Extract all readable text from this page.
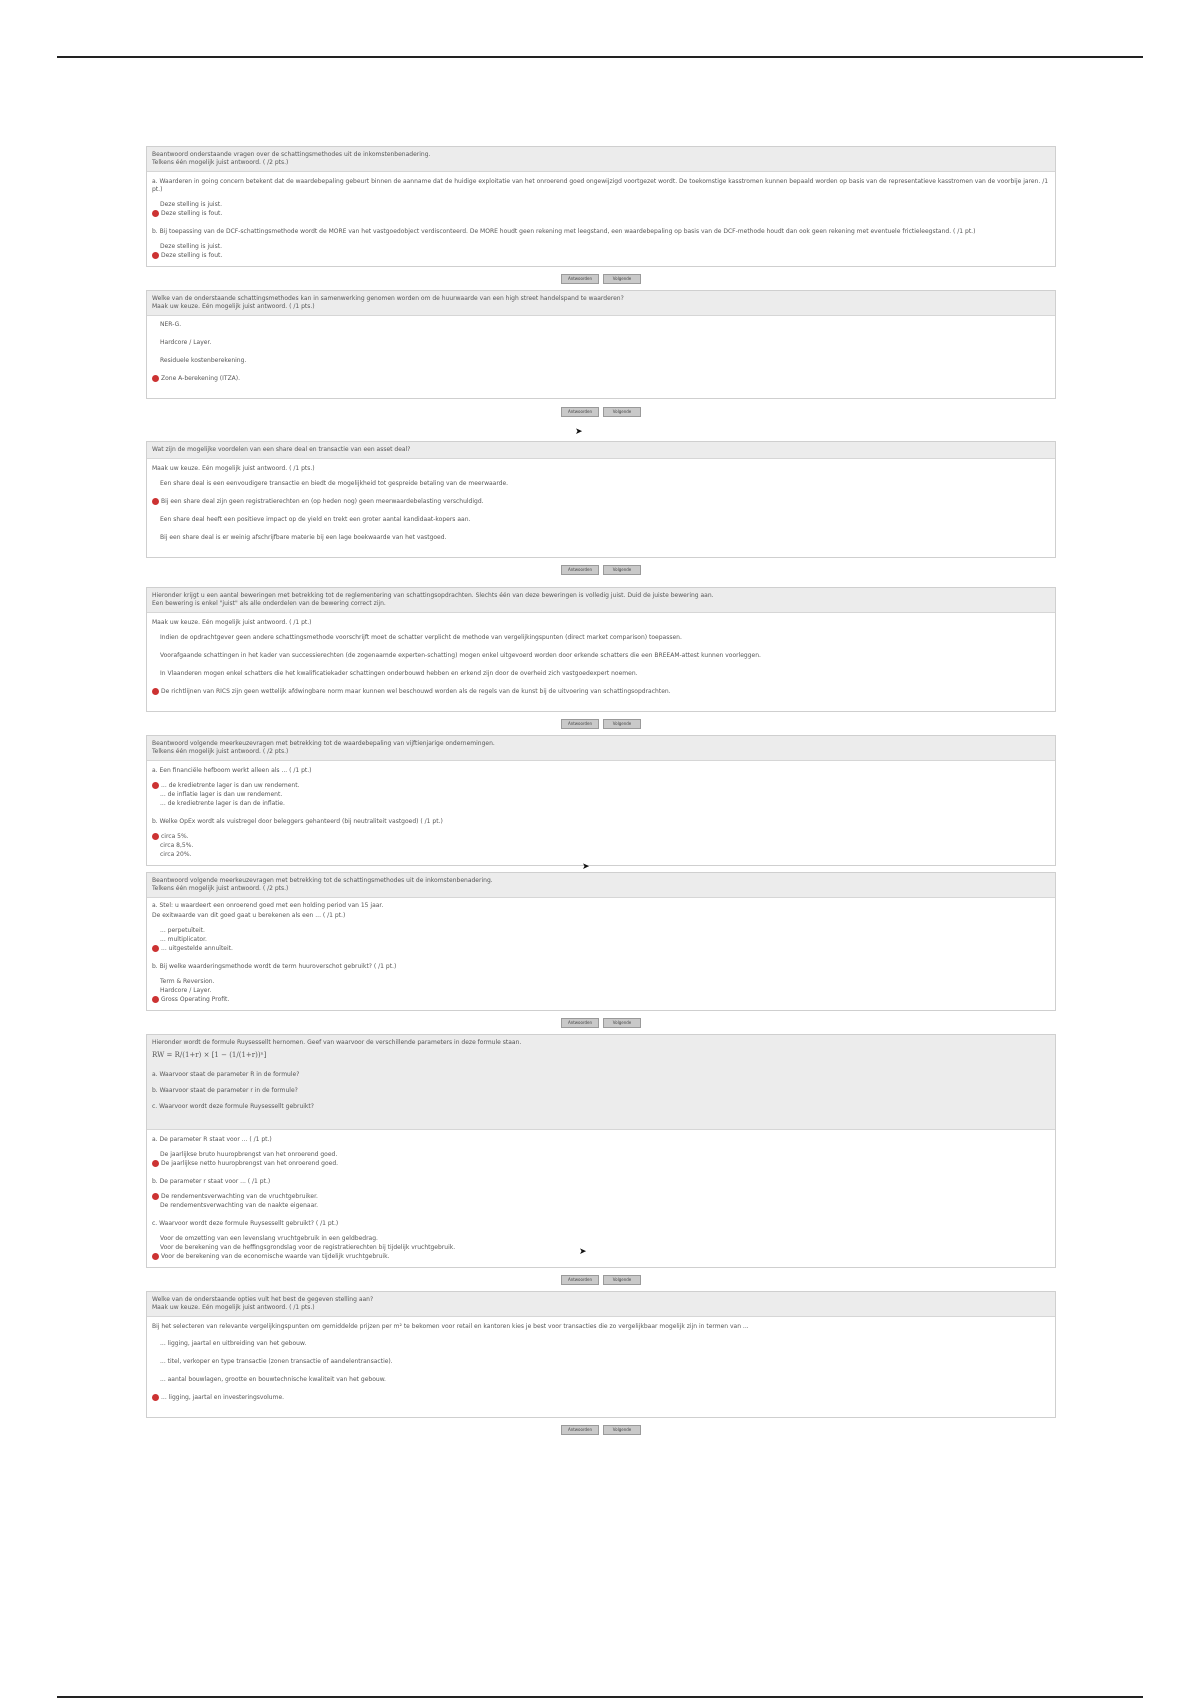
Beantwoord onderstaande vragen over de schattingsmethodes uit de inkomstenbenadering.
Telkens één mogelijk juist antwoord. ( /2 pts.)
a. Waarderen in going concern betekent dat de waardebepaling gebeurt binnen de aanname dat de huidige exploitatie van het onroerend goed ongewijzigd voortgezet wordt. De toekomstige kasstromen kunnen bepaald worden op basis van de representatieve kasstromen van de voorbije jaren. /1 pt.)
Deze stelling is juist.
Deze stelling is fout.
b. Bij toepassing van de DCF-schattingsmethode wordt de MORE van het vastgoedobject verdisconteerd. De MORE houdt geen rekening met leegstand, een waardebepaling op basis van de DCF-methode houdt dan ook geen rekening met eventuele frictieleegstand. ( /1 pt.)
Deze stelling is juist.
Deze stelling is fout.
Antwoorden	Volgende
Welke van de onderstaande schattingsmethodes kan in samenwerking genomen worden om de huurwaarde van een high street handelspand te waarderen?
Maak uw keuze. Eén mogelijk juist antwoord. ( /1 pts.)
NER-G.
Hardcore / Layer.
Residuele kostenberekening.
Zone A-berekening (ITZA).
Antwoorden	Volgende
Wat zijn de mogelijke voordelen van een share deal en transactie van een asset deal?
Maak uw keuze. Eén mogelijk juist antwoord. ( /1 pts.)
Een share deal is een eenvoudigere transactie en biedt de mogelijkheid tot gespreide betaling van de meerwaarde.
Bij een share deal zijn geen registratierechten en (op heden nog) geen meerwaardebelasting verschuldigd.
Een share deal heeft een positieve impact op de yield en trekt een groter aantal kandidaat-kopers aan.
Bij een share deal is er weinig afschrijfbare materie bij een lage boekwaarde van het vastgoed.
Antwoorden	Volgende
Hieronder krijgt u een aantal beweringen met betrekking tot de reglementering van schattingsopdrachten. Slechts één van deze beweringen is volledig juist. Duid de juiste bewering aan.
Een bewering is enkel "juist" als alle onderdelen van de bewering correct zijn.
Maak uw keuze. Eén mogelijk juist antwoord. ( /1 pt.)
Indien de opdrachtgever geen andere schattingsmethode voorschrijft moet de schatter verplicht de methode van vergelijkingspunten (direct market comparison) toepassen.
Voorafgaande schattingen in het kader van successierechten (de zogenaamde experten-schatting) mogen enkel uitgevoerd worden door erkende schatters die een BREEAM-attest kunnen voorleggen.
In Vlaanderen mogen enkel schatters die het kwalificatiekader schattingen onderbouwd hebben en erkend zijn door de overheid zich vastgoedexpert noemen.
De richtlijnen van RICS zijn geen wettelijk afdwingbare norm maar kunnen wel beschouwd worden als de regels van de kunst bij de uitvoering van schattingsopdrachten.
Antwoorden	Volgende
Beantwoord volgende meerkeuzevragen met betrekking tot de waardebepaling van vijftienjarige ondernemingen.
Telkens één mogelijk juist antwoord. ( /2 pts.)
a. Een financiële hefboom werkt alleen als ... ( /1 pt.)
... de kredietrente lager is dan uw rendement.
... de inflatie lager is dan uw rendement.
... de kredietrente lager is dan de inflatie.
b. Welke OpEx wordt als vuistregel door beleggers gehanteerd (bij neutraliteit vastgoed) ( /1 pt.)
circa 5%.
circa 8,5%.
circa 20%.
Beantwoord volgende meerkeuzevragen met betrekking tot de schattingsmethodes uit de inkomstenbenadering.
Telkens één mogelijk juist antwoord. ( /2 pts.)
a. Stel: u waardeert een onroerend goed met een holding period van 15 jaar.
De exitwaarde van dit goed gaat u berekenen als een ... ( /1 pt.)
... perpetuïteit.
... multiplicator.
... uitgestelde annuïteit.
b. Bij welke waarderingsmethode wordt de term huuroverschot gebruikt? ( /1 pt.)
Term & Reversion.
Hardcore / Layer.
Gross Operating Profit.
Antwoorden	Volgende
Hieronder wordt de formule Ruysessellt hernomen. Geef van waarvoor de verschillende parameters in deze formule staan.
RW = R/(1+r) × [1 − (1/(1+r))ⁿ]
a. Waarvoor staat de parameter R in de formule?
b. Waarvoor staat de parameter r in de formule?
c. Waarvoor wordt deze formule Ruysessellt gebruikt?
a. De parameter R staat voor ... ( /1 pt.)
De jaarlijkse bruto huuropbrengst van het onroerend goed.
De jaarlijkse netto huuropbrengst van het onroerend goed.
b. De parameter r staat voor ... ( /1 pt.)
De rendementsverwachting van de vruchtgebruiker.
De rendementsverwachting van de naakte eigenaar.
c. Waarvoor wordt deze formule Ruysessellt gebruikt? ( /1 pt.)
Voor de omzetting van een levenslang vruchtgebruik in een geldbedrag.
Voor de berekening van de heffingsgrondslag voor de registratierechten bij tijdelijk vruchtgebruik.
Voor de berekening van de economische waarde van tijdelijk vruchtgebruik.
Antwoorden	Volgende
Welke van de onderstaande opties vult het best de gegeven stelling aan?
Maak uw keuze. Eén mogelijk juist antwoord. ( /1 pts.)
Bij het selecteren van relevante vergelijkingspunten om gemiddelde prijzen per m² te bekomen voor retail en kantoren kies je best voor transacties die zo vergelijkbaar mogelijk zijn in termen van ...
... ligging, jaartal en uitbreiding van het gebouw.
... titel, verkoper en type transactie (zonen transactie of aandelentransactie).
... aantal bouwlagen, grootte en bouwtechnische kwaliteit van het gebouw.
... ligging, jaartal en investeringsvolume.
Antwoorden	Volgende
➤
➤
➤
